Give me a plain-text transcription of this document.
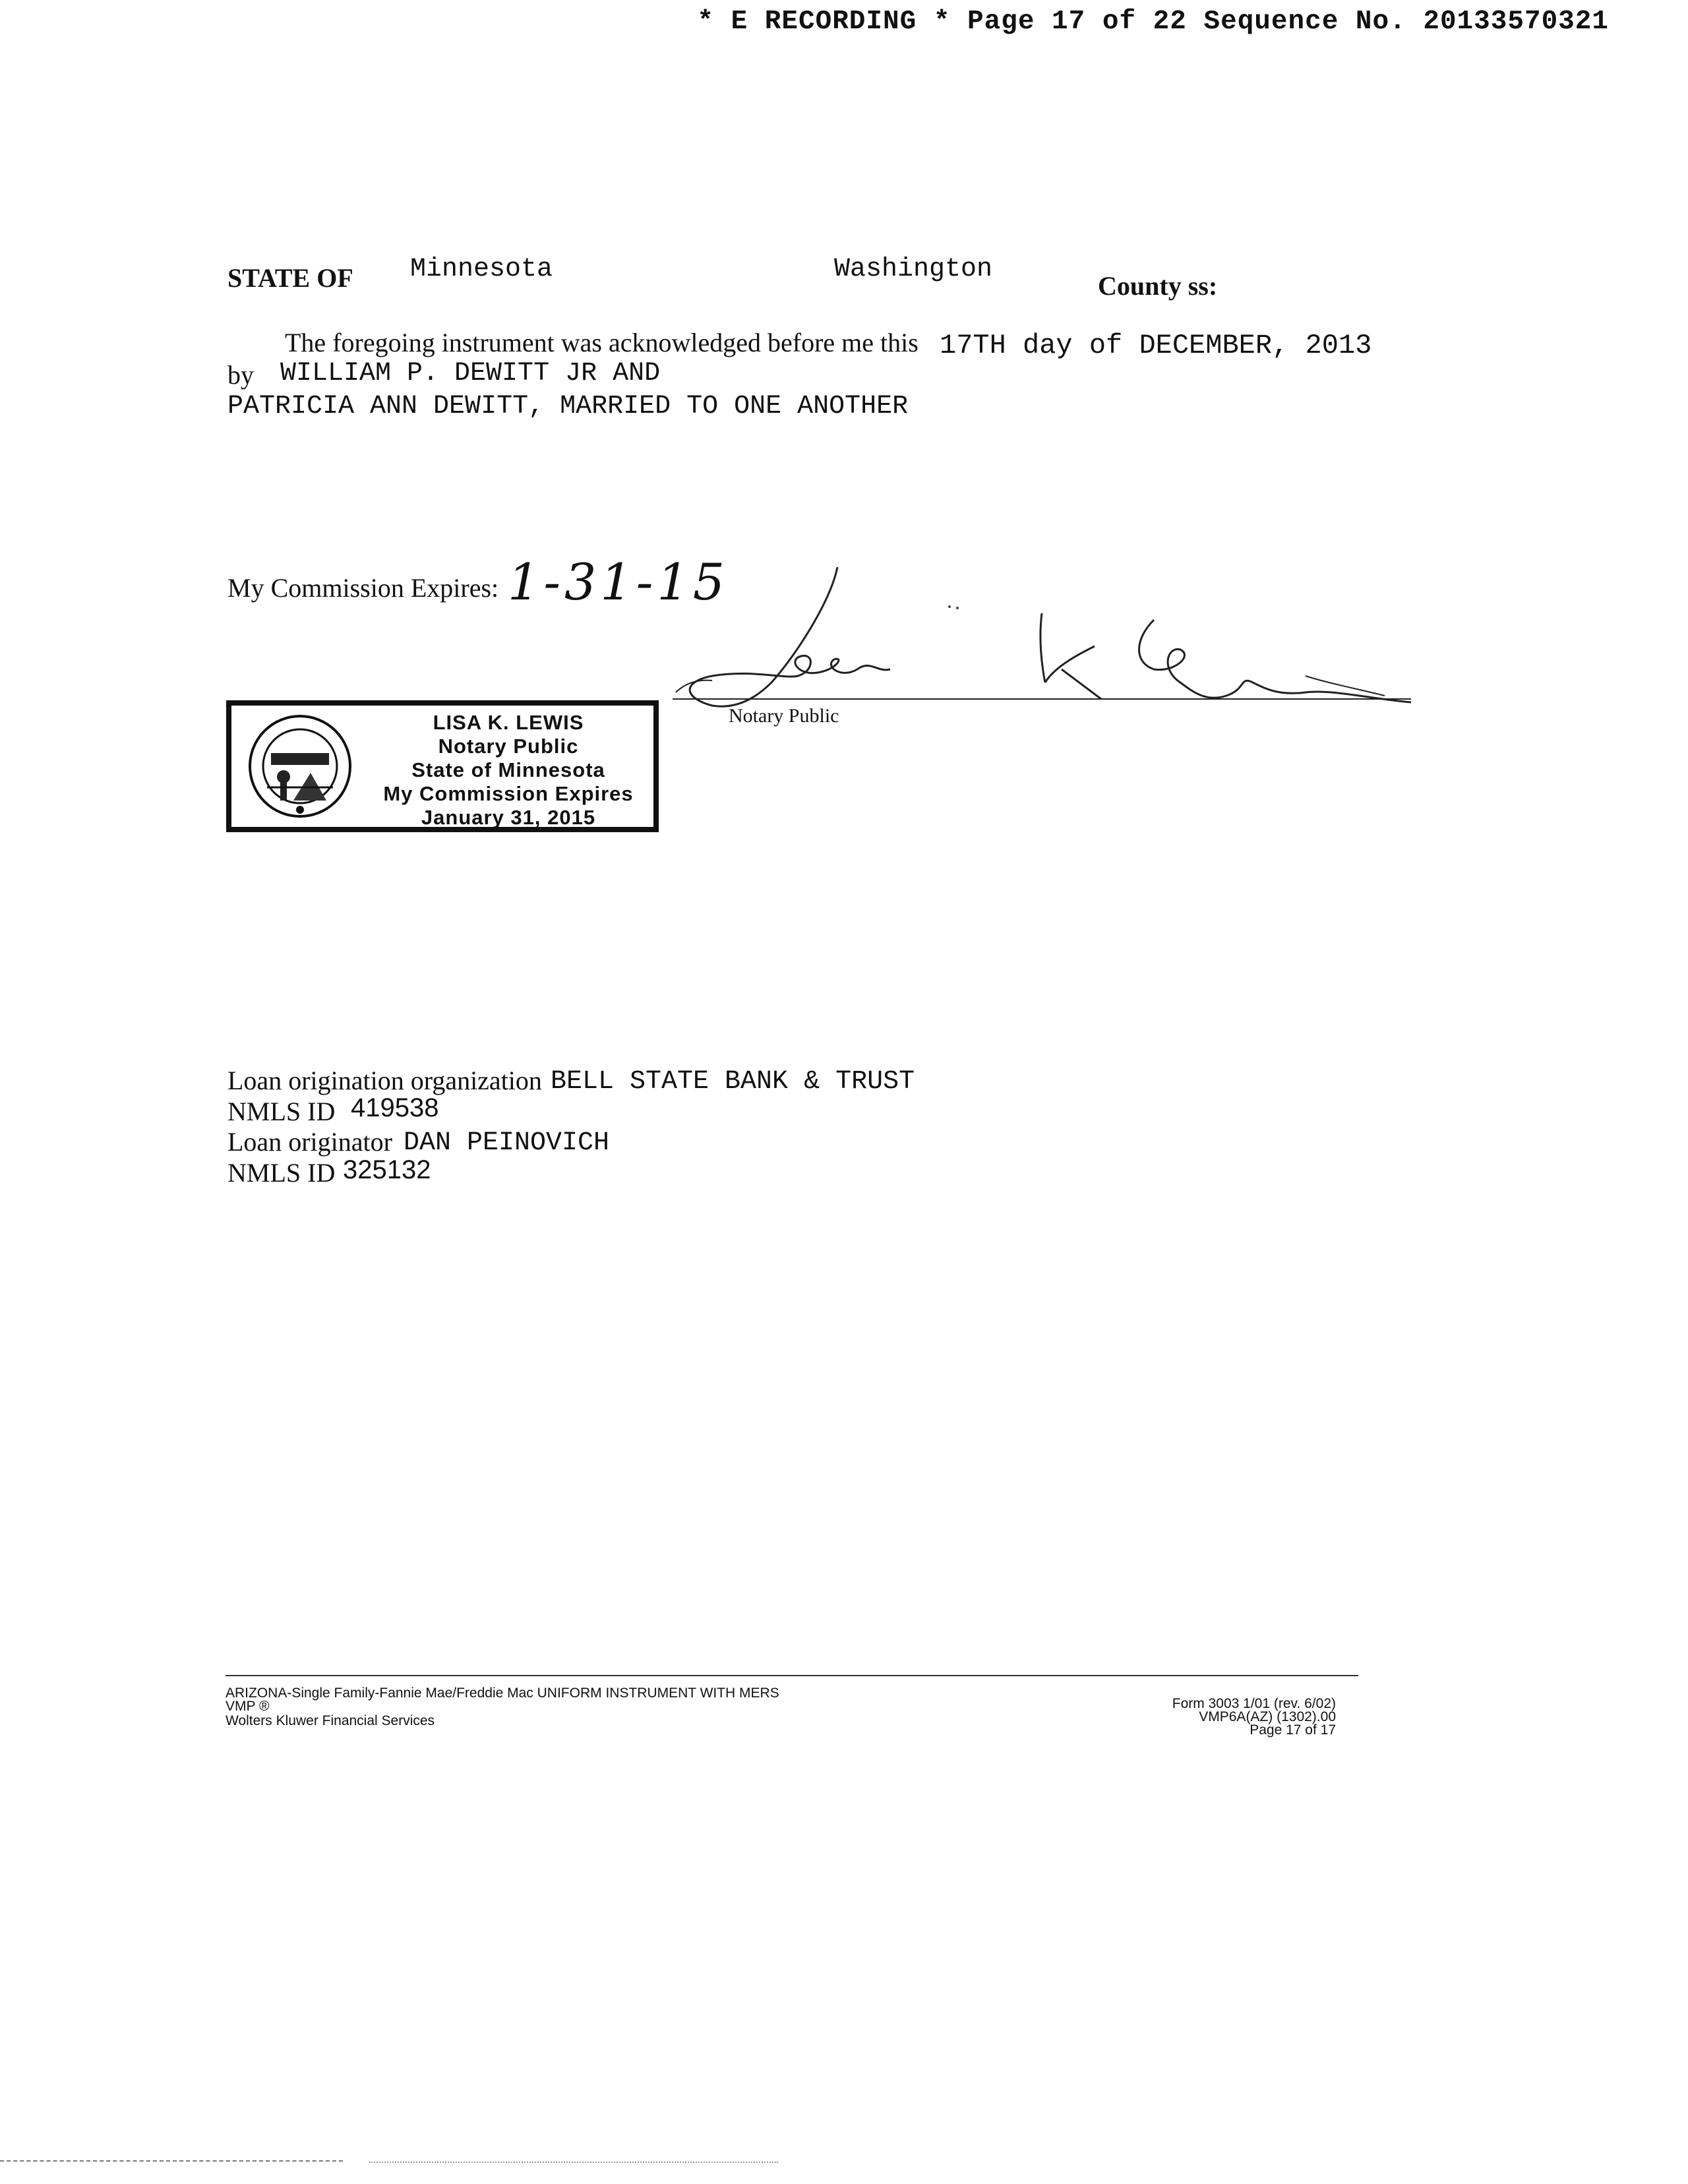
* E RECORDING * Page 17 of 22 Sequence No. 20133570321
STATE OF Minnesota	Washington
County ss:
The foregoing instrument was acknowledged before me this 17TH day of DECEMBER, 2013
by WILLIAM P. DEWITT JR AND
PATRICIA ANN DEWITT, MARRIED TO ONE ANOTHER
My Commission Expires: 1-31-15
Notary Public
LISA K. LEWIS
Notary Public
State of Minnesota
My Commission Expires
January 31, 2015
Loan origination organization BELL STATE BANK & TRUST
NMLS ID 419538
Loan originator DAN PEINOVICH
NMLS ID 325132
ARIZONA-Single Family-Fannie Mae/Freddie Mac UNIFORM INSTRUMENT WITH MERS
VMP ®
Wolters Kluwer Financial Services
Form 3003 1/01 (rev. 6/02)
VMP6A(AZ) (1302).00
Page 17 of 17
